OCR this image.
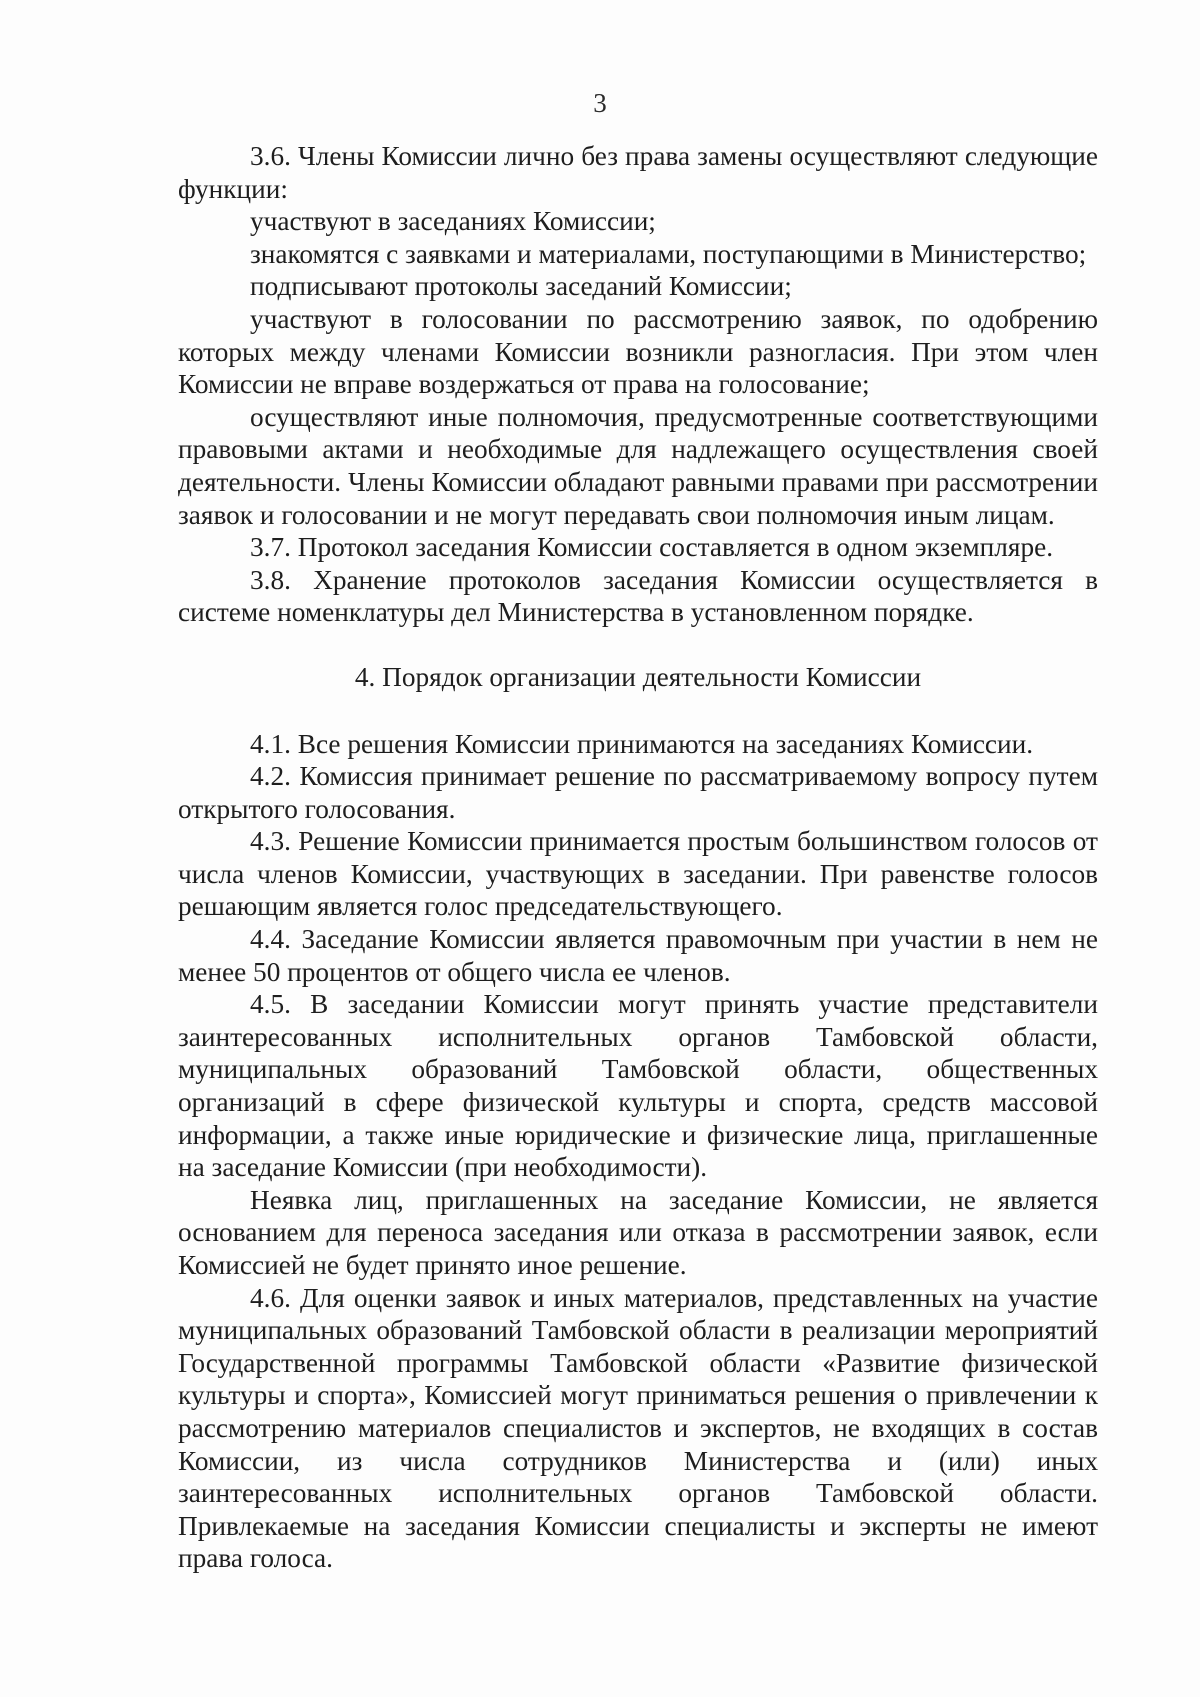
3

3.6. Члены Комиссии лично без права замены осуществляют следующие функции:

участвуют в заседаниях Комиссии;

знакомятся с заявками и материалами, поступающими в Министерство;

подписывают протоколы заседаний Комиссии;

участвуют в голосовании по рассмотрению заявок, по одобрению которых между членами Комиссии возникли разногласия. При этом член Комиссии не вправе воздержаться от права на голосование;

осуществляют иные полномочия, предусмотренные соответствующими правовыми актами и необходимые для надлежащего осуществления своей деятельности. Члены Комиссии обладают равными правами при рассмотрении заявок и голосовании и не могут передавать свои полномочия иным лицам.

3.7. Протокол заседания Комиссии составляется в одном экземпляре.

3.8. Хранение протоколов заседания Комиссии осуществляется в системе номенклатуры дел Министерства в установленном порядке.

4. Порядок организации деятельности Комиссии

4.1. Все решения Комиссии принимаются на заседаниях Комиссии.

4.2. Комиссия принимает решение по рассматриваемому вопросу путем открытого голосования.

4.3. Решение Комиссии принимается простым большинством голосов от числа членов Комиссии, участвующих в заседании. При равенстве голосов решающим является голос председательствующего.

4.4. Заседание Комиссии является правомочным при участии в нем не менее 50 процентов от общего числа ее членов.

4.5. В заседании Комиссии могут принять участие представители заинтересованных исполнительных органов Тамбовской области, муниципальных образований Тамбовской области, общественных организаций в сфере физической культуры и спорта, средств массовой информации, а также иные юридические и физические лица, приглашенные на заседание Комиссии (при необходимости).

Неявка лиц, приглашенных на заседание Комиссии, не является основанием для переноса заседания или отказа в рассмотрении заявок, если Комиссией не будет принято иное решение.

4.6. Для оценки заявок и иных материалов, представленных на участие муниципальных образований Тамбовской области в реализации мероприятий Государственной программы Тамбовской области «Развитие физической культуры и спорта», Комиссией могут приниматься решения о привлечении к рассмотрению материалов специалистов и экспертов, не входящих в состав Комиссии, из числа сотрудников Министерства и (или) иных заинтересованных исполнительных органов Тамбовской области. Привлекаемые на заседания Комиссии специалисты и эксперты не имеют права голоса.
